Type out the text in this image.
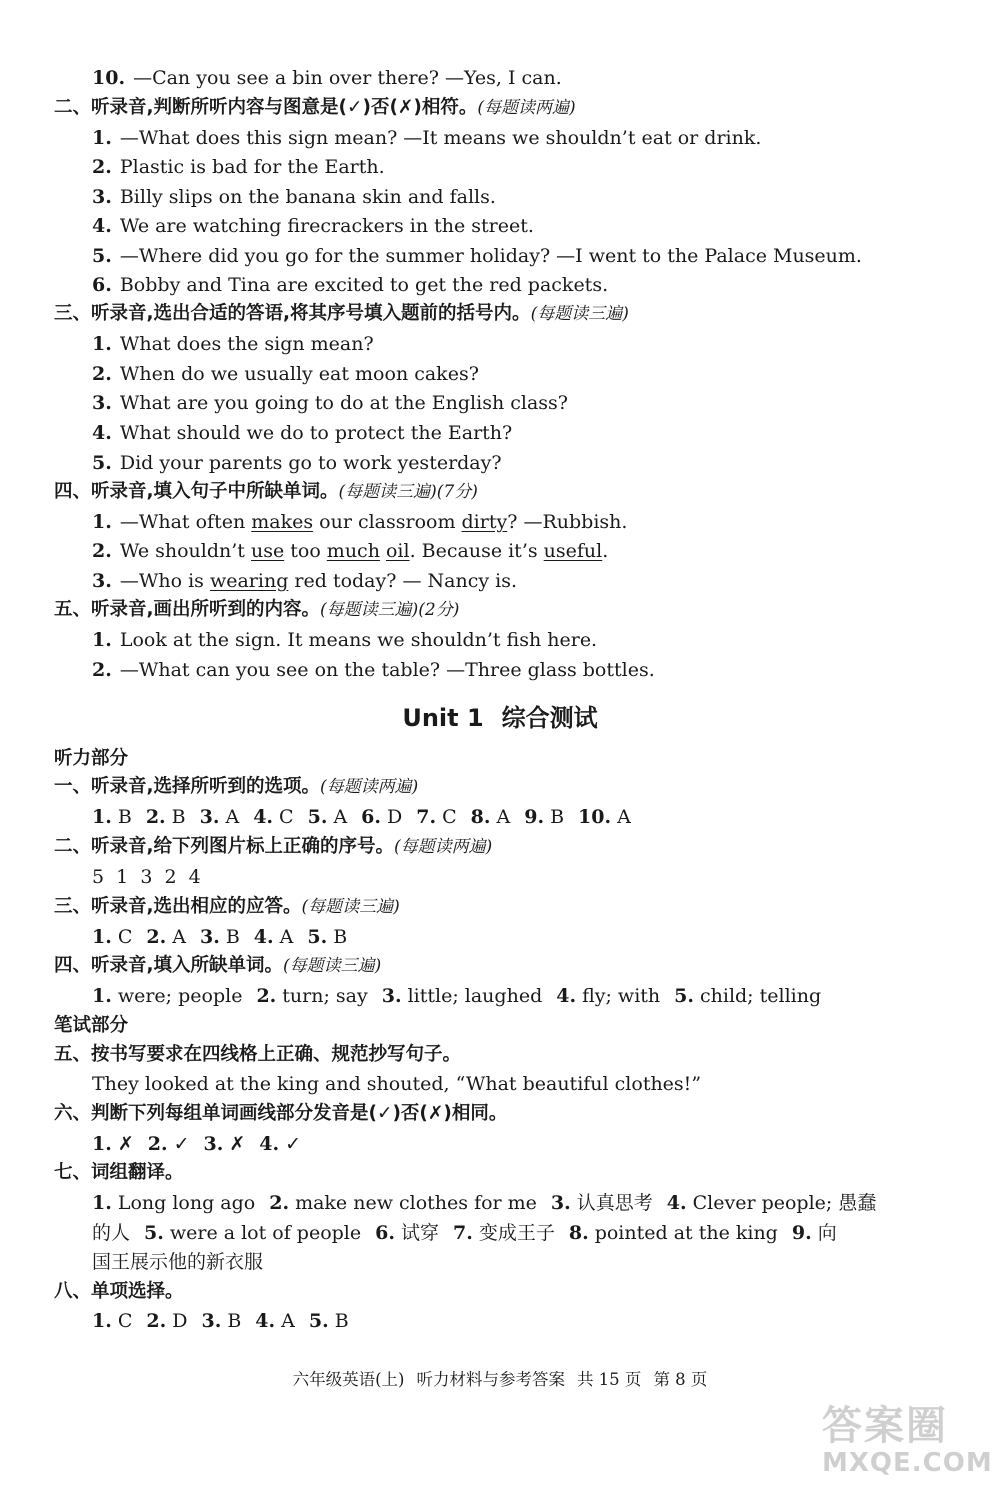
10. —Can you see a bin over there? —Yes, I can.
二、听录音,判断所听内容与图意是(✓)否(✗)相符。(每题读两遍)
1. —What does this sign mean? —It means we shouldn’t eat or drink.
2. Plastic is bad for the Earth.
3. Billy slips on the banana skin and falls.
4. We are watching firecrackers in the street.
5. —Where did you go for the summer holiday? —I went to the Palace Museum.
6. Bobby and Tina are excited to get the red packets.
三、听录音,选出合适的答语,将其序号填入题前的括号内。(每题读三遍)
1. What does the sign mean?
2. When do we usually eat moon cakes?
3. What are you going to do at the English class?
4. What should we do to protect the Earth?
5. Did your parents go to work yesterday?
四、听录音,填入句子中所缺单词。(每题读三遍)(7分)
1. —What often makes our classroom dirty? —Rubbish.
2. We shouldn’t use too much oil. Because it’s useful.
3. —Who is wearing red today? — Nancy is.
五、听录音,画出所听到的内容。(每题读三遍)(2分)
1. Look at the sign. It means we shouldn’t fish here.
2. —What can you see on the table? —Three glass bottles.
Unit 1 综合测试
听力部分
一、听录音,选择所听到的选项。(每题读两遍)
1. B 2. B 3. A 4. C 5. A 6. D 7. C 8. A 9. B 10. A
二、听录音,给下列图片标上正确的序号。(每题读两遍)
5  1  3  2  4
三、听录音,选出相应的应答。(每题读三遍)
1. C 2. A 3. B 4. A 5. B
四、听录音,填入所缺单词。(每题读三遍)
1. were; people 2. turn; say 3. little; laughed 4. fly; with 5. child; telling
笔试部分
五、按书写要求在四线格上正确、规范抄写句子。
They looked at the king and shouted, “What beautiful clothes!”
六、判断下列每组单词画线部分发音是(✓)否(✗)相同。
1. ✗ 2. ✓ 3. ✗ 4. ✓
七、词组翻译。
1. Long long ago 2. make new clothes for me 3. 认真思考 4. Clever people; 愚蠢
的人 5. were a lot of people 6. 试穿 7. 变成王子 8. pointed at the king 9. 向
国王展示他的新衣服
八、单项选择。
1. C 2. D 3. B 4. A 5. B
六年级英语(上) 听力材料与参考答案 共 15 页 第 8 页
答案圈
MXQE.COM
